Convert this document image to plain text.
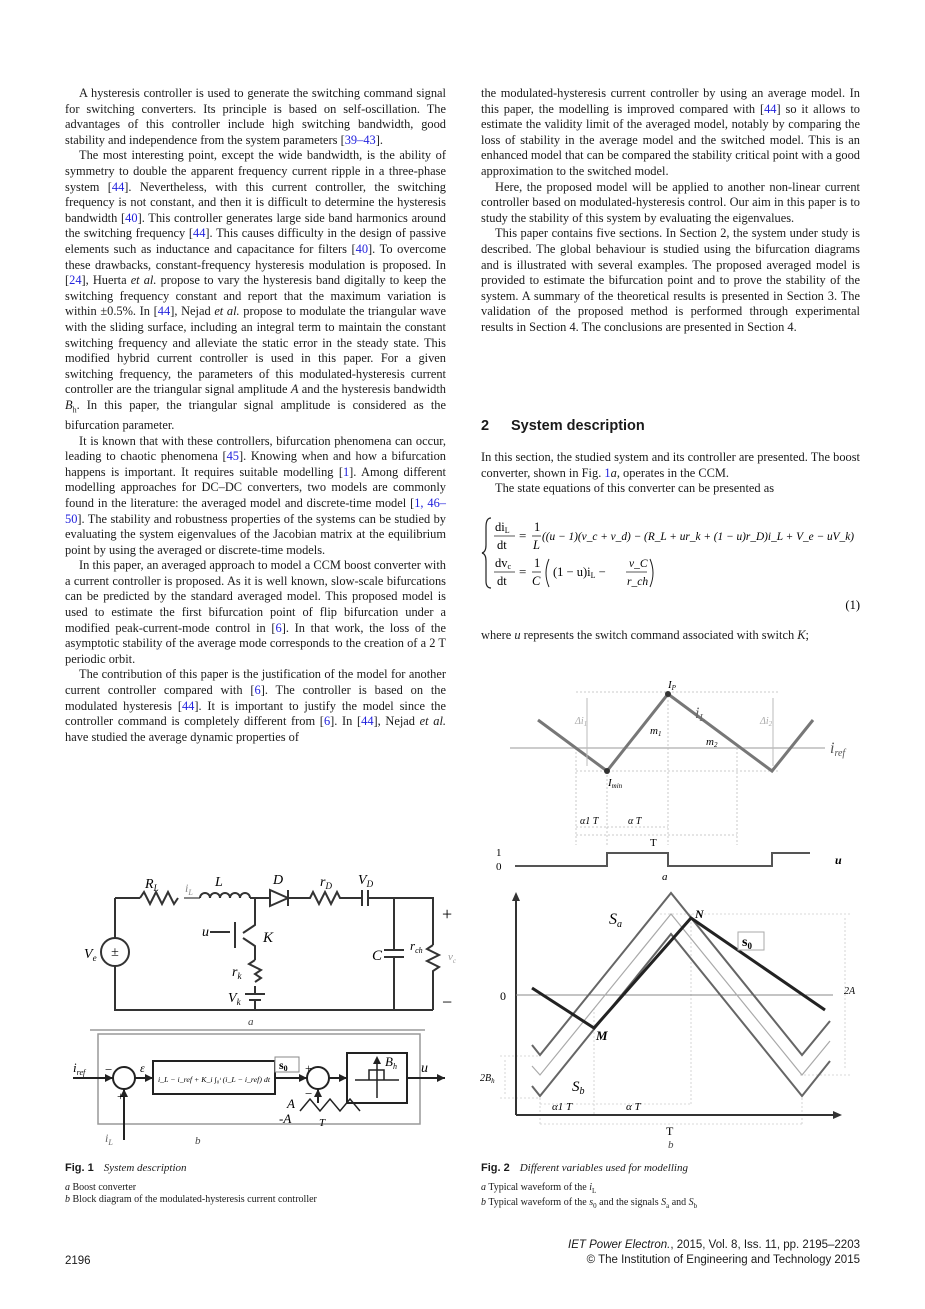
A hysteresis controller is used to generate the switching command signal for switching converters. Its principle is based on self-oscillation. The advantages of this controller include high switching bandwidth, good stability and independence from the system parameters [39–43].

The most interesting point, except the wide bandwidth, is the ability of symmetry to double the apparent frequency current ripple in a three-phase system [44]. Nevertheless, with this current controller, the switching frequency is not constant, and then it is difficult to determine the hysteresis bandwidth [40]. This controller generates large side band harmonics around the switching frequency [44]. This causes difficulty in the design of passive elements such as inductance and capacitance for filters [40]. To overcome these drawbacks, constant-frequency hysteresis modulation is proposed. In [24], Huerta et al. propose to vary the hysteresis band digitally to keep the switching frequency constant and report that the maximum variation is within ±0.5%. In [44], Nejad et al. propose to modulate the triangular wave with the sliding surface, including an integral term to maintain the constant switching frequency and alleviate the static error in the steady state. This modified hybrid current controller is used in this paper. For a given switching frequency, the parameters of this modulated-hysteresis current controller are the triangular signal amplitude A and the hysteresis bandwidth $B_h$. In this paper, the triangular signal amplitude is considered as the bifurcation parameter.

It is known that with these controllers, bifurcation phenomena can occur, leading to chaotic phenomena [45]. Knowing when and how a bifurcation happens is important. It requires suitable modelling [1]. Among different modelling approaches for DC–DC converters, two models are commonly found in the literature: the averaged model and discrete-time model [1, 46–50]. The stability and robustness properties of the systems can be studied by evaluating the system eigenvalues of the Jacobian matrix at the equilibrium point by using the averaged or discrete-time models.

In this paper, an averaged approach to model a CCM boost converter with a current controller is proposed. As it is well known, slow-scale bifurcations can be predicted by the standard averaged model. This proposed model is used to estimate the first bifurcation point of flip bifurcation under a modified peak-current-mode control in [6]. In that work, the loss of the asymptotic stability of the average mode corresponds to the creation of a 2 T periodic orbit.

The contribution of this paper is the justification of the model for another current controller compared with [6]. The controller is based on the modulated hysteresis [44]. It is important to justify the model since the controller command is completely different from [6]. In [44], Nejad et al. have studied the average dynamic properties of

the modulated-hysteresis current controller by using an average model. In this paper, the modelling is improved compared with [44] so it allows to estimate the validity limit of the averaged model, notably by comparing the loss of stability in the average model and the switched model. This is an enhanced model that can be compared the stability critical point with a good approximation to the switched model.

Here, the proposed model will be applied to another non-linear current controller based on modulated-hysteresis control. Our aim in this paper is to study the stability of this system by evaluating the eigenvalues.

This paper contains five sections. In Section 2, the system under study is described. The global behaviour is studied using the bifurcation diagrams and is illustrated with several examples. The proposed averaged model is provided to estimate the bifurcation point and to prove the stability of the system. A summary of the theoretical results is presented in Section 3. The validation of the proposed method is performed through experimental results in Section 4. The conclusions are presented in Section 4.

2 System description

In this section, the studied system and its controller are presented. The boost converter, shown in Fig. 1a, operates in the CCM.

The state equations of this converter can be presented as

diL
dt
=
1
L
((u − 1)(v_c + v_d) − (R_L + ur_k + (1 − u)r_D)i_L + V_e − uV_k)
dvc
dt
=
1
C
(1 − u)iL −
v_C
r_ch
(1)
where u represents the switch command associated with switch K;
±
$R_L$ $i_L$
L	D	$r_D$ $V_D$
u	K
$V_e$
$r_k$
$V_k$
C
$r_{ch}$
$v_c$
+
−
a
$i_{ref}$ −
+
ε
i_L − i_ref + K_i ∫₀ᵗ (i_L − i_ref) dt
s0 +
−
A
-A	T
$B_h$ u
$i_L$	b
Fig. 1 System description
a Boost converter
b Block diagram of the modulated-hysteresis current controller
IP
iL
m1
m2
$\Delta i_1$	$\Delta i_2$
iref
Imin
α1 T	α T
T
1
0	u
a
Sa
N
$s_0$
0	2A
M
$2B_h$	$S_b$
α1 T	α T
T
b
Fig. 2 Different variables used for modelling
a Typical waveform of the $i_L$
b Typical waveform of the $s_0$ and the signals $S_a$ and $S_b$
2196
IET Power Electron., 2015, Vol. 8, Iss. 11, pp. 2195–2203
© The Institution of Engineering and Technology 2015
